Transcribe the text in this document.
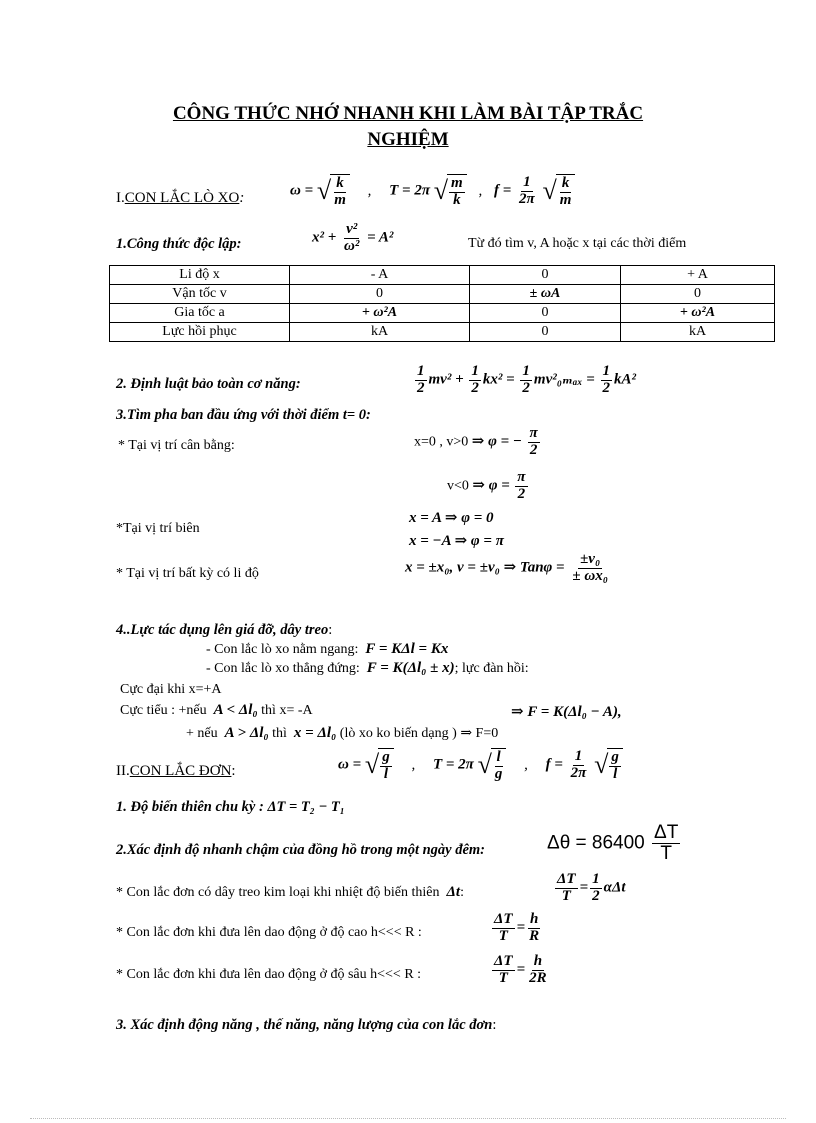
CÔNG THỨC NHỚ NHANH KHI LÀM BÀI TẬP TRẮC
NGHIỆM
I.CON LẮC LÒ XO:	ω = √ $\frac{k}{m}$ , T = 2π √ $\frac{m}{k}$ , $f = \frac{1}{2\pi}$
√ $\frac{k}{m}$
1.Công thức độc lập:	$x^2 + \frac{\text{v²}}{\text{ω²}} = A^2$	Từ đó tìm v, A hoặc x tại các thời điểm
Li độ x	- A	0	+ A
Vận tốc v	0	± ωA	0
Gia tốc a	+ ω²A	0	+ ω²A
Lực hồi phục	kA	0	kA
2. Định luật bảo toàn cơ năng:	$\frac{1}{2} mv^2 + \frac{1}{2} kx^2 = \frac{1}{2} mv^2_{0max} = \frac{1}{2} kA^2$
3.Tìm pha ban đầu ứng với thời điểm t= 0:
* Tại vị trí cân bằng:	x=0 , v>0 ⇒ φ = − $\frac{\pi}{2}$
v<0 ⇒ $\varphi = \frac{\pi}{2}$
*Tại vị trí biên
x = A ⇒ φ = 0
x = −A ⇒ φ = π
* Tại vị trí bất kỳ có li độ	x = ±x₀, v = ±v₀ ⇒ $Tan\varphi = \frac{\text{±v₀}}{\text{± ωx₀}}$
4..Lực tác dụng lên giá đỡ, dây treo:
- Con lắc lò xo nằm ngang: F = KΔl = Kx
- Con lắc lò xo thẳng đứng: F = K(Δl₀ ± x); lực đàn hồi:
Cực đại khi x=+A
Cực tiểu : +nếu A < Δl₀ thì x= -A	⇒ F = K(Δl₀ − A),
+ nếu A > Δl₀ thì x = Δl₀ (lò xo ko biến dạng ) ⇒ F=0
II.CON LẮC ĐƠN:	ω = √ $\frac{g}{l}$ , T = 2π √ $\frac{l}{g}$ , $f = \frac{1}{2\pi}$
√ $\frac{g}{l}$
1. Độ biến thiên chu kỳ : ΔT = T₂ − T₁
2.Xác định độ nhanh chậm của đồng hồ trong một ngày đêm:	$\Delta\theta = 86400 \frac{\Delta T}{T}$
* Con lắc đơn có dây treo kim loại khi nhiệt độ biến thiên Δt:	$\frac{\Delta T}{T} = \frac{1}{2}$ αΔt
* Con lắc đơn khi đưa lên dao động ở độ cao h<<< R :	$\frac{\Delta T}{T} = \frac{h}{R}$
* Con lắc đơn khi đưa lên dao động ở độ sâu h<<< R :	$\frac{\Delta T}{T} = \frac{h}{2R}$
3. Xác định động năng , thế năng, năng lượng của con lắc đơn:
